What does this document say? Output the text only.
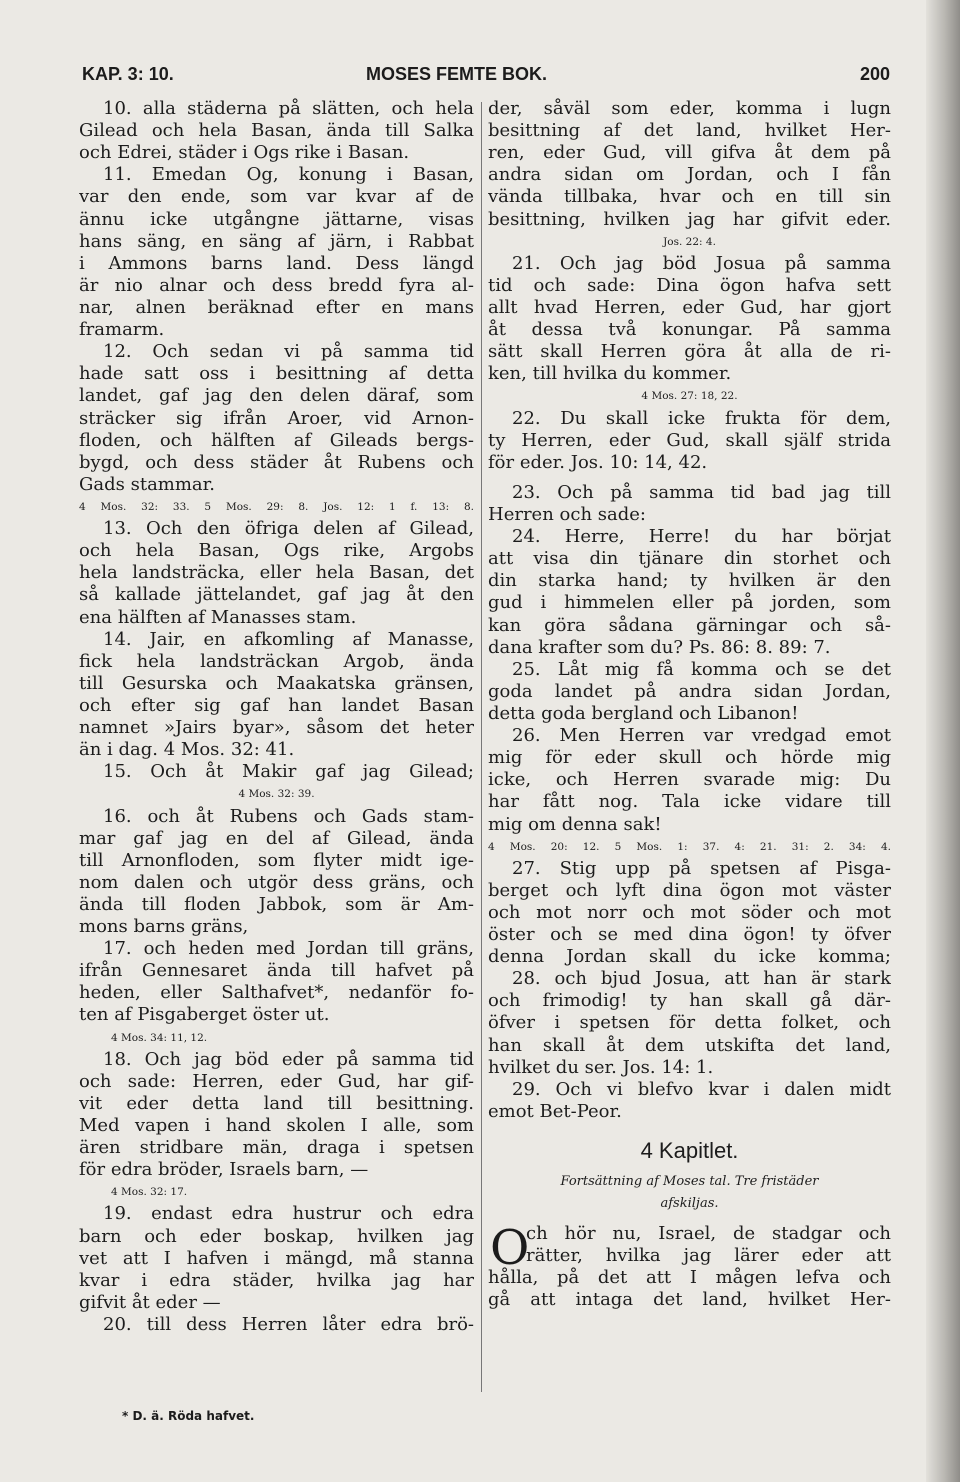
KAP. 3: 10.	MOSES FEMTE BOK.	200
10. alla städerna på slätten, och hela
Gilead och hela Basan, ända till Salka
och Edrei, städer i Ogs rike i Basan.
11. Emedan Og, konung i Basan,
var den ende, som var kvar af de
ännu icke utgångne jättarne, visas
hans säng, en säng af järn, i Rabbat
i Ammons barns land. Dess längd
är nio alnar och dess bredd fyra al-
nar, alnen beräknad efter en mans
framarm.
12. Och sedan vi på samma tid
hade satt oss i besittning af detta
landet, gaf jag den delen däraf, som
sträcker sig ifrån Aroer, vid Arnon-
floden, och hälften af Gileads bergs-
bygd, och dess städer åt Rubens och
Gads stammar.
4 Mos. 32: 33. 5 Mos. 29: 8. Jos. 12: 1 f. 13: 8.
13. Och den öfriga delen af Gilead,
och hela Basan, Ogs rike, Argobs
hela landsträcka, eller hela Basan, det
så kallade jättelandet, gaf jag åt den
ena hälften af Manasses stam.
14. Jair, en afkomling af Manasse,
fick hela landsträckan Argob, ända
till Gesurska och Maakatska gränsen,
och efter sig gaf han landet Basan
namnet »Jairs byar», såsom det heter
än i dag. 4 Mos. 32: 41.
15. Och åt Makir gaf jag Gilead;
4 Mos. 32: 39.
16. och åt Rubens och Gads stam-
mar gaf jag en del af Gilead, ända
till Arnonfloden, som flyter midt ige-
nom dalen och utgör dess gräns, och
ända till floden Jabbok, som är Am-
mons barns gräns,
17. och heden med Jordan till gräns,
ifrån Gennesaret ända till hafvet på
heden, eller Salthafvet*, nedanför fo-
ten af Pisgaberget öster ut.
4 Mos. 34: 11, 12.
18. Och jag böd eder på samma tid
och sade: Herren, eder Gud, har gif-
vit eder detta land till besittning.
Med vapen i hand skolen I alle, som
ären stridbare män, draga i spetsen
för edra bröder, Israels barn, —
4 Mos. 32: 17.
19. endast edra hustrur och edra
barn och eder boskap, hvilken jag
vet att I hafven i mängd, må stanna
kvar i edra städer, hvilka jag har
gifvit åt eder —
20. till dess Herren låter edra brö-
der, såväl som eder, komma i lugn
besittning af det land, hvilket Her-
ren, eder Gud, vill gifva åt dem på
andra sidan om Jordan, och I fån
vända tillbaka, hvar och en till sin
besittning, hvilken jag har gifvit eder.
Jos. 22: 4.
21. Och jag böd Josua på samma
tid och sade: Dina ögon hafva sett
allt hvad Herren, eder Gud, har gjort
åt dessa två konungar. På samma
sätt skall Herren göra åt alla de ri-
ken, till hvilka du kommer.
4 Mos. 27: 18, 22.
22. Du skall icke frukta för dem,
ty Herren, eder Gud, skall själf strida
för eder. Jos. 10: 14, 42.
23. Och på samma tid bad jag till
Herren och sade:
24. Herre, Herre! du har börjat
att visa din tjänare din storhet och
din starka hand; ty hvilken är den
gud i himmelen eller på jorden, som
kan göra sådana gärningar och så-
dana krafter som du? Ps. 86: 8. 89: 7.
25. Låt mig få komma och se det
goda landet på andra sidan Jordan,
detta goda bergland och Libanon!
26. Men Herren var vredgad emot
mig för eder skull och hörde mig
icke, och Herren svarade mig: Du
har fått nog. Tala icke vidare till
mig om denna sak!
4 Mos. 20: 12. 5 Mos. 1: 37. 4: 21. 31: 2. 34: 4.
27. Stig upp på spetsen af Pisga-
berget och lyft dina ögon mot väster
och mot norr och mot söder och mot
öster och se med dina ögon! ty öfver
denna Jordan skall du icke komma;
28. och bjud Josua, att han är stark
och frimodig! ty han skall gå där-
öfver i spetsen för detta folket, och
han skall åt dem utskifta det land,
hvilket du ser. Jos. 14: 1.
29. Och vi blefvo kvar i dalen midt
emot Bet-Peor.
4 Kapitlet.
Fortsättning af Moses tal. Tre fristäder
afskiljas.
O
ch hör nu, Israel, de stadgar och
rätter, hvilka jag lärer eder att
hålla, på det att I mågen lefva och
gå att intaga det land, hvilket Her-
* D. ä. Röda hafvet.
